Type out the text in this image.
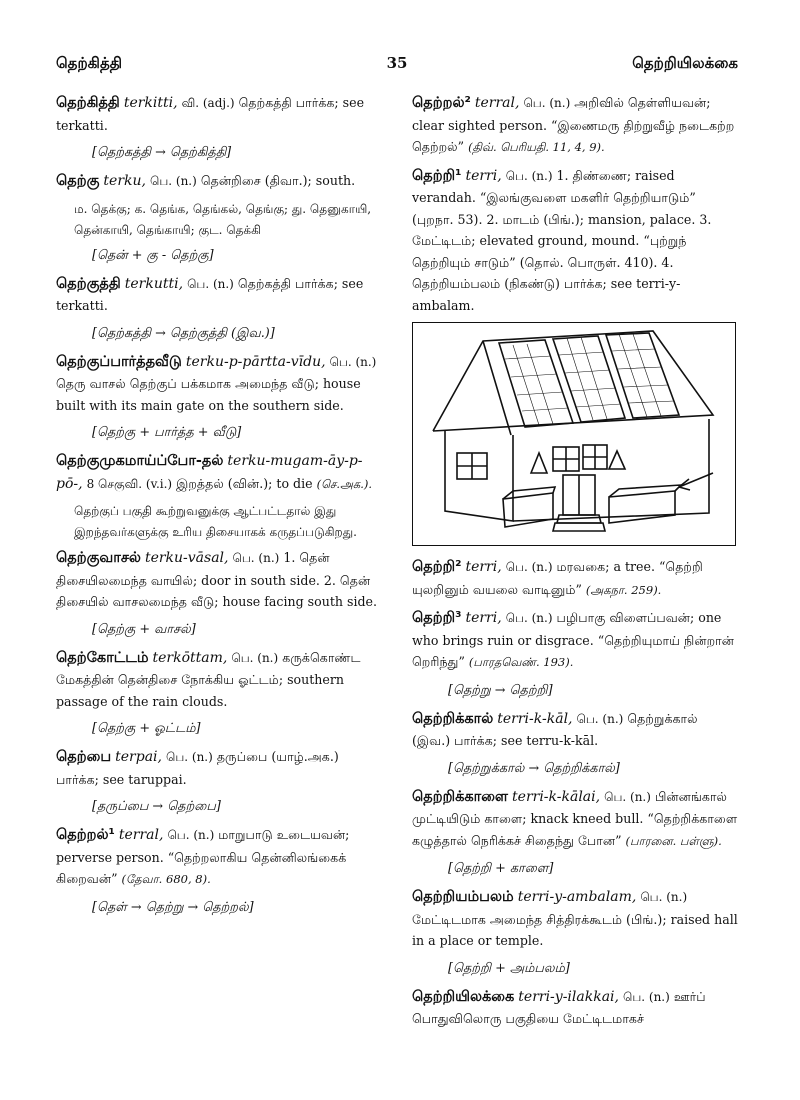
தெற்கித்தி	35	தெற்றியிலக்கை
தெற்கித்தி terkitti, வி. (adj.) தெற்கத்தி பார்க்க; see terkatti.
[தெற்கத்தி → தெற்கித்தி]
தெற்கு terku, பெ. (n.) தென்றிசை (திவா.); south.
ம. தெக்கு; க. தெங்க, தெங்கல், தெங்கு; து. தெனுகாயி, தென்காயி, தெங்காயி; குட. தெக்கி
[தென் + கு - தெற்கு]
தெற்குத்தி terkutti, பெ. (n.) தெற்கத்தி பார்க்க; see terkatti.
[தெற்கத்தி → தெற்குத்தி (இவ.)]
தெற்குப்பார்த்தவீடு terku-p-pārtta-vīdu, பெ. (n.) தெரு வாசல் தெற்குப் பக்கமாக அமைந்த வீடு; house built with its main gate on the southern side.
[தெற்கு + பார்த்த + வீடு]
தெற்குமுகமாய்ப்போ-தல் terku-mugam-āy-p-pō-, 8 செகுவி. (v.i.) இறத்தல் (வின்.); to die (செ.அக.).
தெற்குப் பகுதி கூற்றுவனுக்கு ஆட்பட்டதால் இது இறந்தவர்களுக்கு உரிய திசையாகக் கருதப்படுகிறது.
தெற்குவாசல் terku-vāsal, பெ. (n.) 1. தென் திசையிலமைந்த வாயில்; door in south side. 2. தென் திசையில் வாசலமைந்த வீடு; house facing south side.
[தெற்கு + வாசல்]
தெற்கோட்டம் terkōttam, பெ. (n.) கருக்கொண்ட மேகத்தின் தென்திசை நோக்கிய ஓட்டம்; southern passage of the rain clouds.
[தெற்கு + ஓட்டம்]
தெற்பை terpai, பெ. (n.) தருப்பை (யாழ்.அக.) பார்க்க; see taruppai.
[தருப்பை → தெற்பை]
தெற்றல்¹ terral, பெ. (n.) மாறுபாடு உடையவன்; perverse person. “தெற்றலாகிய தென்னிலங்கைக் கிறைவன்” (தேவா. 680, 8).
[தெள் → தெற்று → தெற்றல்]
தெற்றல்² terral, பெ. (n.) அறிவில் தெள்ளியவன்; clear sighted person. “இணைமரு திற்றுவீழ் நடைகற்ற தெற்றல்” (திவ். பெரியதி. 11, 4, 9).
தெற்றி¹ terri, பெ. (n.) 1. திண்ணை; raised verandah. “இலங்குவளை மகளிர் தெற்றியாடும்” (புறநா. 53). 2. மாடம் (பிங்.); mansion, palace. 3. மேட்டிடம்; elevated ground, mound. “புற்றுந் தெற்றியும் சாடும்” (தொல். பொருள். 410). 4. தெற்றியம்பலம் (நிகண்டு) பார்க்க; see terri-y-ambalam.
தெற்றி² terri, பெ. (n.) மரவகை; a tree. “தெற்றி யுலறினும் வயலை வாடினும்” (அகநா. 259).
தெற்றி³ terri, பெ. (n.) பழிபாகு விளைப்பவன்; one who brings ruin or disgrace. “தெற்றியுமாய் நின்றான் றெரிந்து” (பாரதவெண். 193).
[தெற்று → தெற்றி]
தெற்றிக்கால் terri-k-kāl, பெ. (n.) தெற்றுக்கால் (இவ.) பார்க்க; see terru-k-kāl.
[தெற்றுக்கால் → தெற்றிக்கால்]
தெற்றிக்காளை terri-k-kālai, பெ. (n.) பின்னங்கால் முட்டியிடும் காளை; knack kneed bull. “தெற்றிக்காளை கழுத்தால் நெரிக்கச் சிதைந்து போன” (பாரனை. பள்ளு).
[தெற்றி + காளை]
தெற்றியம்பலம் terri-y-ambalam, பெ. (n.) மேட்டிடமாக அமைந்த சித்திரக்கூடம் (பிங்.); raised hall in a place or temple.
[தெற்றி + அம்பலம்]
தெற்றியிலக்கை terri-y-ilakkai, பெ. (n.) ஊர்ப் பொதுவிலொரு பகுதியை மேட்டிடமாகச்
